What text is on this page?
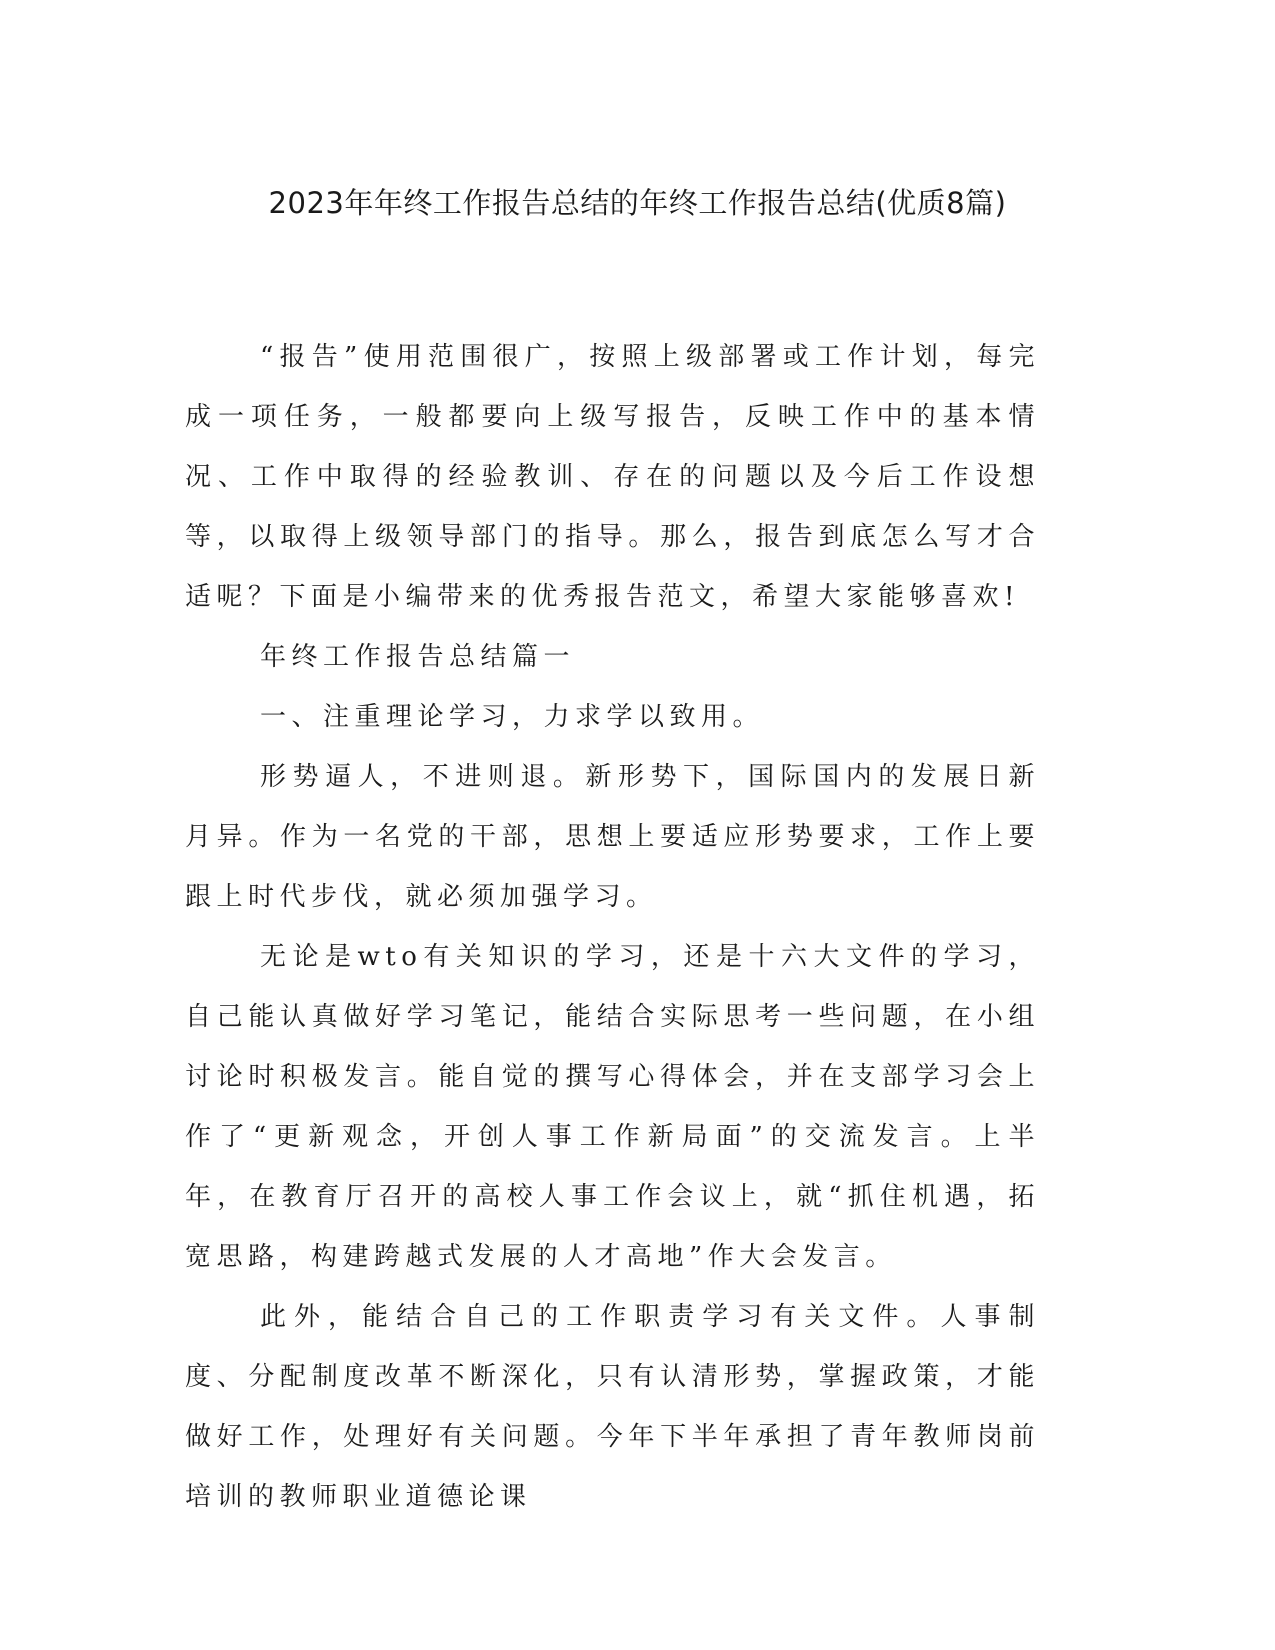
2023年年终工作报告总结的年终工作报告总结(优质8篇)

“报告”使用范围很广，按照上级部署或工作计划，每完成一项任务，一般都要向上级写报告，反映工作中的基本情况、工作中取得的经验教训、存在的问题以及今后工作设想等，以取得上级领导部门的指导。那么，报告到底怎么写才合适呢？下面是小编带来的优秀报告范文，希望大家能够喜欢!

年终工作报告总结篇一

一、注重理论学习，力求学以致用。

形势逼人，不进则退。新形势下，国际国内的发展日新月异。作为一名党的干部，思想上要适应形势要求，工作上要跟上时代步伐，就必须加强学习。

无论是wto有关知识的学习，还是十六大文件的学习，自己能认真做好学习笔记，能结合实际思考一些问题，在小组讨论时积极发言。能自觉的撰写心得体会，并在支部学习会上作了“更新观念，开创人事工作新局面”的交流发言。上半年，在教育厅召开的高校人事工作会议上，就“抓住机遇，拓宽思路，构建跨越式发展的人才高地”作大会发言。

此外，能结合自己的工作职责学习有关文件。人事制度、分配制度改革不断深化，只有认清形势，掌握政策，才能做好工作，处理好有关问题。今年下半年承担了青年教师岗前培训的教师职业道德论课
